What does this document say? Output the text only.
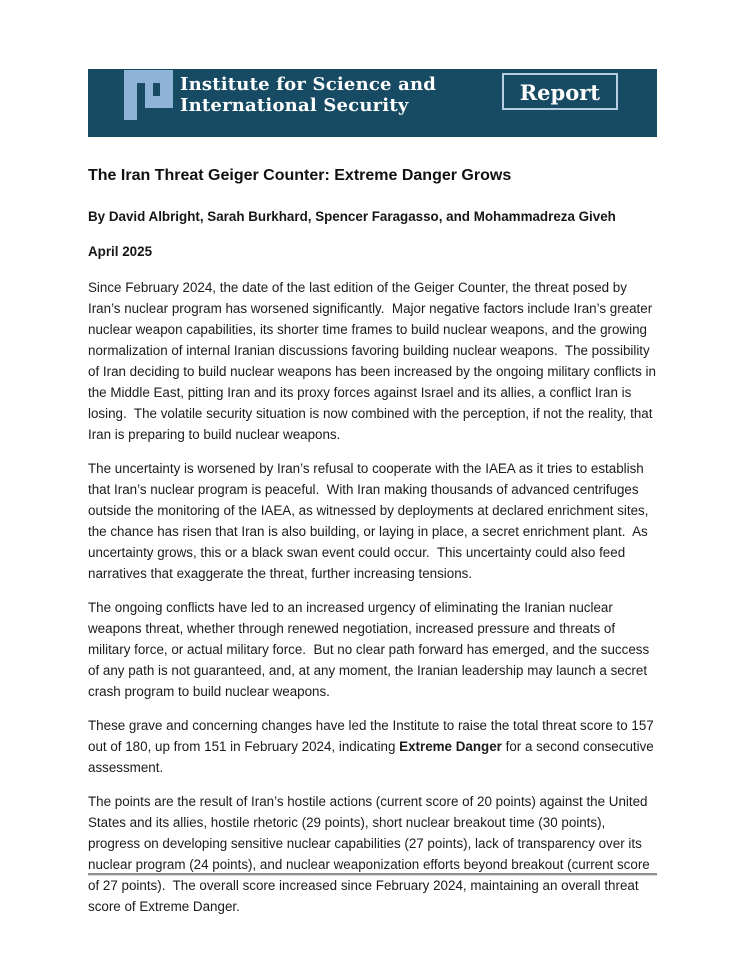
Institute for Science and
International Security
Report
The Iran Threat Geiger Counter: Extreme Danger Grows
By David Albright, Sarah Burkhard, Spencer Faragasso, and Mohammadreza Giveh
April 2025

Since February 2024, the date of the last edition of the Geiger Counter, the threat posed by Iran’s nuclear program has worsened significantly.  Major negative factors include Iran’s greater nuclear weapon capabilities, its shorter time frames to build nuclear weapons, and the growing normalization of internal Iranian discussions favoring building nuclear weapons.  The possibility of Iran deciding to build nuclear weapons has been increased by the ongoing military conflicts in the Middle East, pitting Iran and its proxy forces against Israel and its allies, a conflict Iran is losing.  The volatile security situation is now combined with the perception, if not the reality, that Iran is preparing to build nuclear weapons.

The uncertainty is worsened by Iran’s refusal to cooperate with the IAEA as it tries to establish that Iran’s nuclear program is peaceful.  With Iran making thousands of advanced centrifuges outside the monitoring of the IAEA, as witnessed by deployments at declared enrichment sites, the chance has risen that Iran is also building, or laying in place, a secret enrichment plant.  As uncertainty grows, this or a black swan event could occur.  This uncertainty could also feed narratives that exaggerate the threat, further increasing tensions.

The ongoing conflicts have led to an increased urgency of eliminating the Iranian nuclear weapons threat, whether through renewed negotiation, increased pressure and threats of military force, or actual military force.  But no clear path forward has emerged, and the success of any path is not guaranteed, and, at any moment, the Iranian leadership may launch a secret crash program to build nuclear weapons.

These grave and concerning changes have led the Institute to raise the total threat score to 157 out of 180, up from 151 in February 2024, indicating Extreme Danger for a second consecutive assessment.

The points are the result of Iran’s hostile actions (current score of 20 points) against the United States and its allies, hostile rhetoric (29 points), short nuclear breakout time (30 points), progress on developing sensitive nuclear capabilities (27 points), lack of transparency over its nuclear program (24 points), and nuclear weaponization efforts beyond breakout (current score of 27 points).  The overall score increased since February 2024, maintaining an overall threat score of Extreme Danger.
